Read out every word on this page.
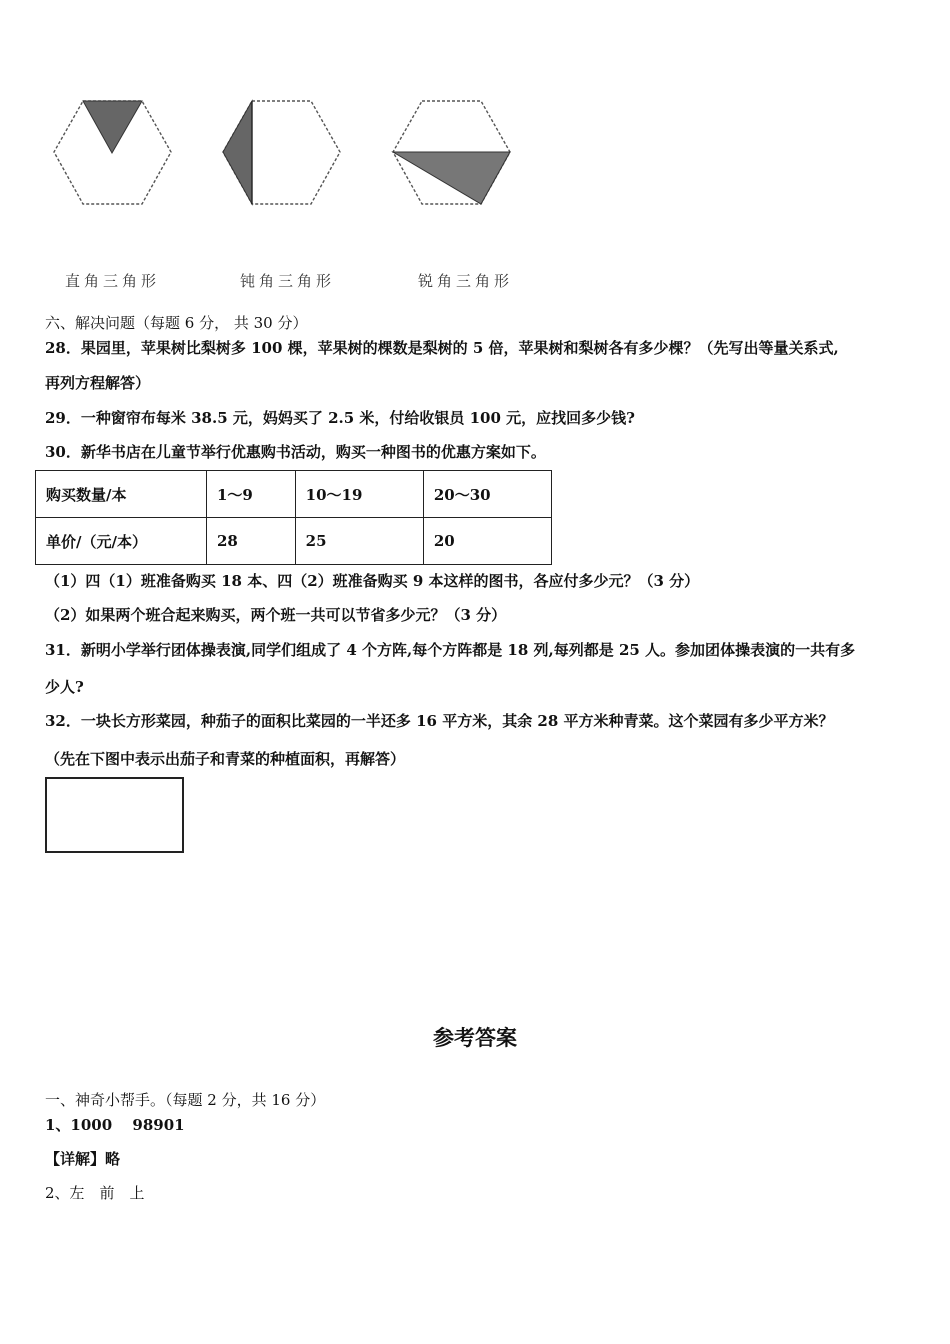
直角三角形	钝角三角形	锐角三角形
六、解决问题（每题 6 分， 共 30 分）
28．果园里，苹果树比梨树多 100 棵，苹果树的棵数是梨树的 5 倍，苹果树和梨树各有多少棵？（先写出等量关系式,
再列方程解答）
29．一种窗帘布每米 38.5 元，妈妈买了 2.5 米，付给收银员 100 元，应找回多少钱?
30．新华书店在儿童节举行优惠购书活动，购买一种图书的优惠方案如下。
购买数量/本	1～9	10～19	20～30
单价/（元/本）	28	25	20
（1）四（1）班准备购买 18 本、四（2）班准备购买 9 本这样的图书，各应付多少元？（3 分）
（2）如果两个班合起来购买，两个班一共可以节省多少元？（3 分）
31．新明小学举行团体操表演,同学们组成了 4 个方阵,每个方阵都是 18 列,每列都是 25 人。参加团体操表演的一共有多
少人?
32．一块长方形菜园，种茄子的面积比菜园的一半还多 16 平方米，其余 28 平方米种青菜。这个菜园有多少平方米？
（先在下图中表示出茄子和青菜的种植面积，再解答）
参考答案
一、神奇小帮手。（每题 2 分，共 16 分）
1、1000　 98901
【详解】略
2、左　前　上
